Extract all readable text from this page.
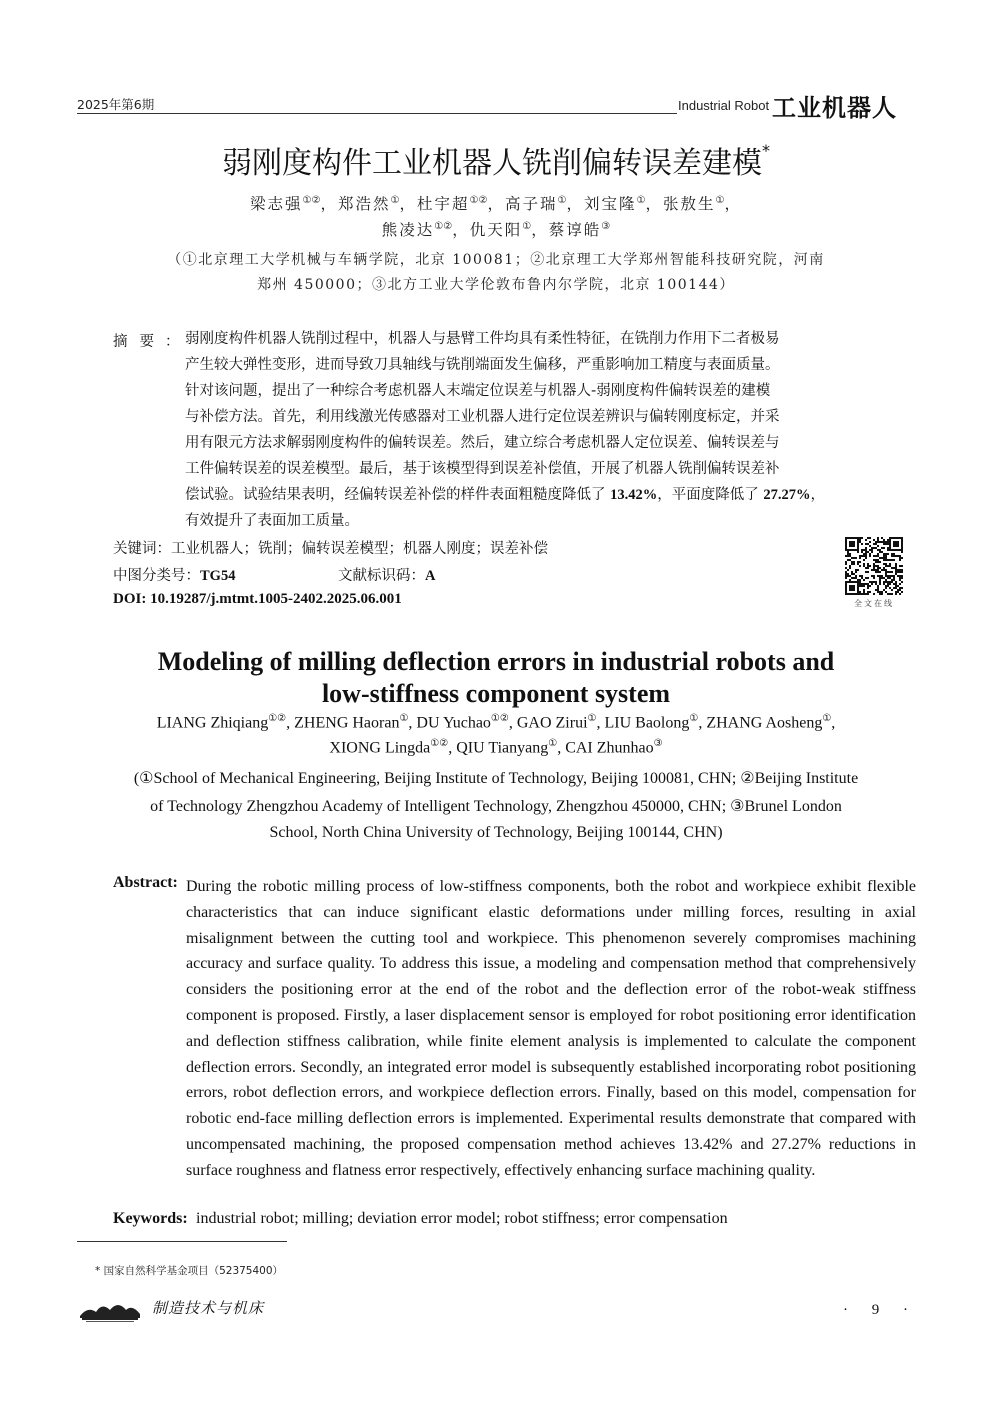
2025年第6期	Industrial Robot 工业机器人
弱刚度构件工业机器人铣削偏转误差建模*
梁志强①②，郑浩然①，杜宇超①②，高子瑞①，刘宝隆①，张敖生①，
熊凌达①②，仇天阳①，蔡谆皓③
（①北京理工大学机械与车辆学院，北京 100081；②北京理工大学郑州智能科技研究院，河南
郑州 450000；③北方工业大学伦敦布鲁内尔学院，北京 100144）
摘要 ： 弱刚度构件机器人铣削过程中，机器人与悬臂工件均具有柔性特征，在铣削力作用下二者极易
产生较大弹性变形，进而导致刀具轴线与铣削端面发生偏移，严重影响加工精度与表面质量。
针对该问题，提出了一种综合考虑机器人末端定位误差与机器人-弱刚度构件偏转误差的建模
与补偿方法。首先，利用线激光传感器对工业机器人进行定位误差辨识与偏转刚度标定，并采
用有限元方法求解弱刚度构件的偏转误差。然后，建立综合考虑机器人定位误差、偏转误差与
工件偏转误差的误差模型。最后，基于该模型得到误差补偿值，开展了机器人铣削偏转误差补
偿试验。试验结果表明，经偏转误差补偿的样件表面粗糙度降低了 13.42%，平面度降低了 27.27%，
有效提升了表面加工质量。
关键词：工业机器人；铣削；偏转误差模型；机器人刚度；误差补偿
中图分类号：TG54	文献标识码：A
DOI: 10.19287/j.mtmt.1005-2402.2025.06.001	全文在线
Modeling of milling deflection errors in industrial robots and
low-stiffness component system
LIANG Zhiqiang①②, ZHENG Haoran①, DU Yuchao①②, GAO Zirui①, LIU Baolong①, ZHANG Aosheng①,
XIONG Lingda①②, QIU Tianyang①, CAI Zhunhao③
(①School of Mechanical Engineering, Beijing Institute of Technology, Beijing 100081, CHN; ②Beijing Institute
of Technology Zhengzhou Academy of Intelligent Technology, Zhengzhou 450000, CHN; ③Brunel London
School, North China University of Technology, Beijing 100144, CHN)
Abstract: During the robotic milling process of low-stiffness components, both the robot and workpiece exhibit flexible characteristics that can induce significant elastic deformations under milling forces, resulting in axial misalignment between the cutting tool and workpiece. This phenomenon severely compromises machining accuracy and surface quality. To address this issue, a modeling and compensation method that comprehensively considers the positioning error at the end of the robot and the deflection error of the robot-weak stiffness component is proposed. Firstly, a laser displacement sensor is employed for robot positioning error identification and deflection stiffness calibration, while finite element analysis is implemented to calculate the component deflection errors. Secondly, an integrated error model is subsequently established incorporating robot positioning errors, robot deflection errors, and workpiece deflection errors. Finally, based on this model, compensation for robotic end-face milling deflection errors is implemented. Experimental results demonstrate that compared with uncompensated machining, the proposed compensation method achieves 13.42% and 27.27% reductions in surface roughness and flatness error respectively, effectively enhancing surface machining quality.
Keywords: industrial robot; milling; deviation error model; robot stiffness; error compensation
* 国家自然科学基金项目（52375400）
制造技术与机床	· 9 ·
